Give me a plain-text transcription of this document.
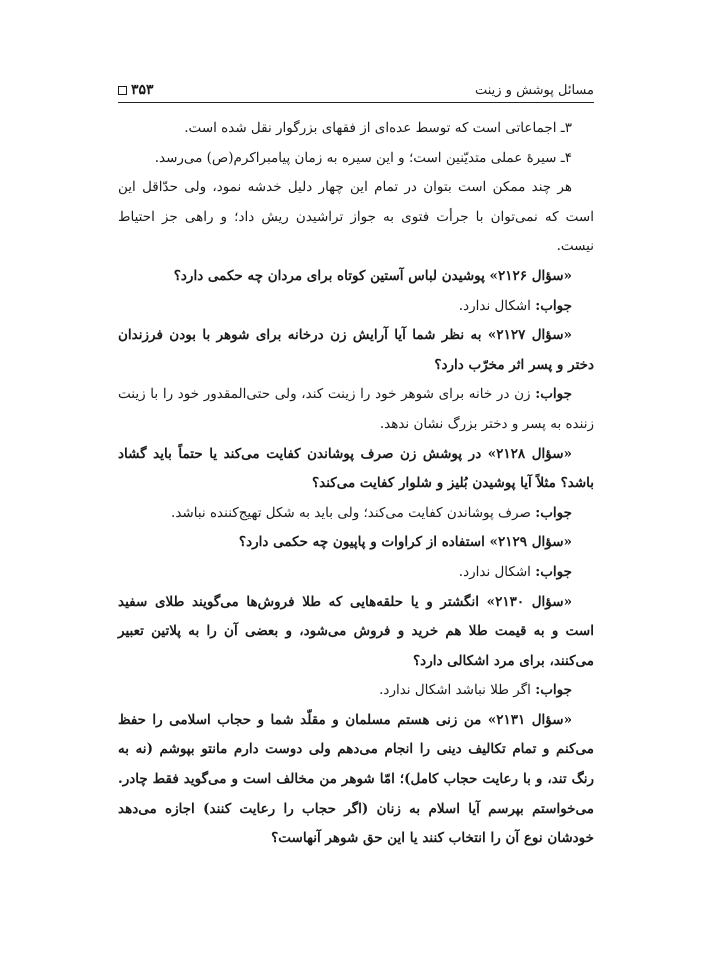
مسائل پوشش و زینت
۳۵۳

۳ـ اجماعاتی است که توسط عده‌ای از فقهای بزرگوار نقل شده است.

۴ـ سیرهٔ عملی متدیّنین است؛ و این سیره به زمان پیامبراکرم(ص) می‌رسد.

هر چند ممکن است بتوان در تمام این چهار دلیل خدشه نمود، ولی حدّاقل این است که نمی‌توان با جرأت فتوی به جواز تراشیدن ریش داد؛ و راهی جز احتیاط نیست.

«سؤال ۲۱۲۶» پوشیدن لباس آستین کوتاه برای مردان چه حکمی دارد؟

جواب: اشکال ندارد.

«سؤال ۲۱۲۷» به نظر شما آیا آرایش زن درخانه برای شوهر با بودن فرزندان دختر و پسر اثر مخرّب دارد؟

جواب: زن در خانه برای شوهر خود را زینت کند، ولی حتی‌المقدور خود را با زینت زننده به پسر و دختر بزرگ نشان ندهد.

«سؤال ۲۱۲۸» در پوشش زن صرف پوشاندن کفایت می‌کند یا حتماً باید گشاد باشد؟ مثلاً آیا پوشیدن بُلیز و شلوار کفایت می‌کند؟

جواب: صرف پوشاندن کفایت می‌کند؛ ولی باید به شکل تهیج‌کننده نباشد.

«سؤال ۲۱۲۹» استفاده از کراوات و پاپیون چه حکمی دارد؟

جواب: اشکال ندارد.

«سؤال ۲۱۳۰» انگشتر و یا حلقه‌هایی که طلا فروش‌ها می‌گویند طلای سفید است و به قیمت طلا هم خرید و فروش می‌شود، و بعضی آن را به پلاتین تعبیر می‌کنند، برای مرد اشکالی دارد؟

جواب: اگر طلا نباشد اشکال ندارد.

«سؤال ۲۱۳۱» من زنی هستم مسلمان و مقلّد شما و حجاب اسلامی را حفظ می‌کنم و تمام تکالیف دینی را انجام می‌دهم ولی دوست دارم مانتو بپوشم (نه به رنگ تند، و با رعایت حجاب کامل)؛ امّا شوهر من مخالف است و می‌گوید فقط چادر. می‌خواستم بپرسم آیا اسلام به زنان (اگر حجاب را رعایت کنند) اجازه می‌دهد خودشان نوع آن را انتخاب کنند یا این حق شوهر آنهاست؟
